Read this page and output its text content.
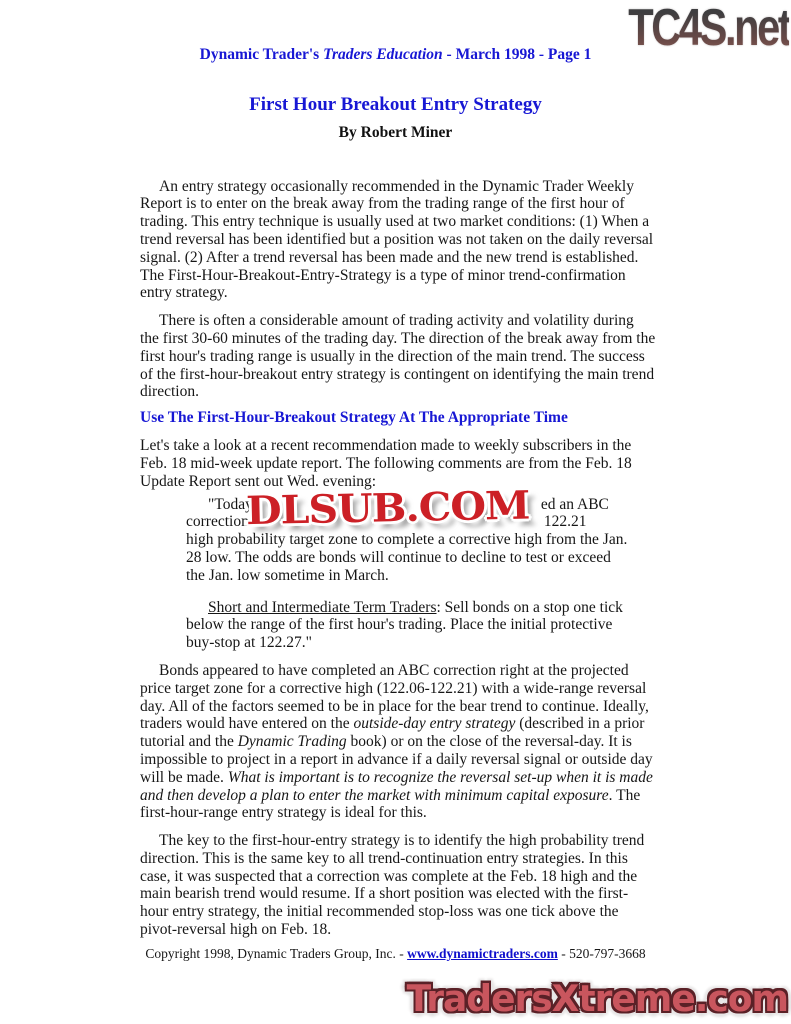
TC4S.net
Dynamic Trader's Traders Education - March 1998 - Page 1
First Hour Breakout Entry Strategy
By Robert Miner

An entry strategy occasionally recommended in the Dynamic Trader Weekly Report is to enter on the break away from the trading range of the first hour of trading. This entry technique is usually used at two market conditions: (1) When a trend reversal has been identified but a position was not taken on the daily reversal signal. (2) After a trend reversal has been made and the new trend is established. The First-Hour-Breakout-Entry-Strategy is a type of minor trend-confirmation entry strategy.

There is often a considerable amount of trading activity and volatility during the first 30-60 minutes of the trading day. The direction of the break away from the first hour's trading range is usually in the direction of the main trend. The success of the first-hour-breakout entry strategy is contingent on identifying the main trend direction.

Use The First-Hour-Breakout Strategy At The Appropriate Time

Let's take a look at a recent recommendation made to weekly subscribers in the Feb. 18 mid-week update report. The following comments are from the Feb. 18 Update Report sent out Wed. evening:

"Today	ed an ABC
correction w	122.21
high probability target zone to complete a corrective high from the Jan. 28 low. The odds are bonds will continue to decline to test or exceed the Jan. low sometime in March.
DLSUB.COM
Short and Intermediate Term Traders: Sell bonds on a stop one tick below the range of the first hour's trading. Place the initial protective buy-stop at 122.27."

Bonds appeared to have completed an ABC correction right at the projected price target zone for a corrective high (122.06-122.21) with a wide-range reversal day. All of the factors seemed to be in place for the bear trend to continue. Ideally, traders would have entered on the outside-day entry strategy (described in a prior tutorial and the Dynamic Trading book) or on the close of the reversal-day. It is impossible to project in a report in advance if a daily reversal signal or outside day will be made. What is important is to recognize the reversal set-up when it is made and then develop a plan to enter the market with minimum capital exposure. The first-hour-range entry strategy is ideal for this.

The key to the first-hour-entry strategy is to identify the high probability trend direction. This is the same key to all trend-continuation entry strategies. In this case, it was suspected that a correction was complete at the Feb. 18 high and the main bearish trend would resume. If a short position was elected with the first-hour entry strategy, the initial recommended stop-loss was one tick above the pivot-reversal high on Feb. 18.

Copyright 1998, Dynamic Traders Group, Inc. - www.dynamictraders.com - 520-797-3668
TradersXtreme.com
